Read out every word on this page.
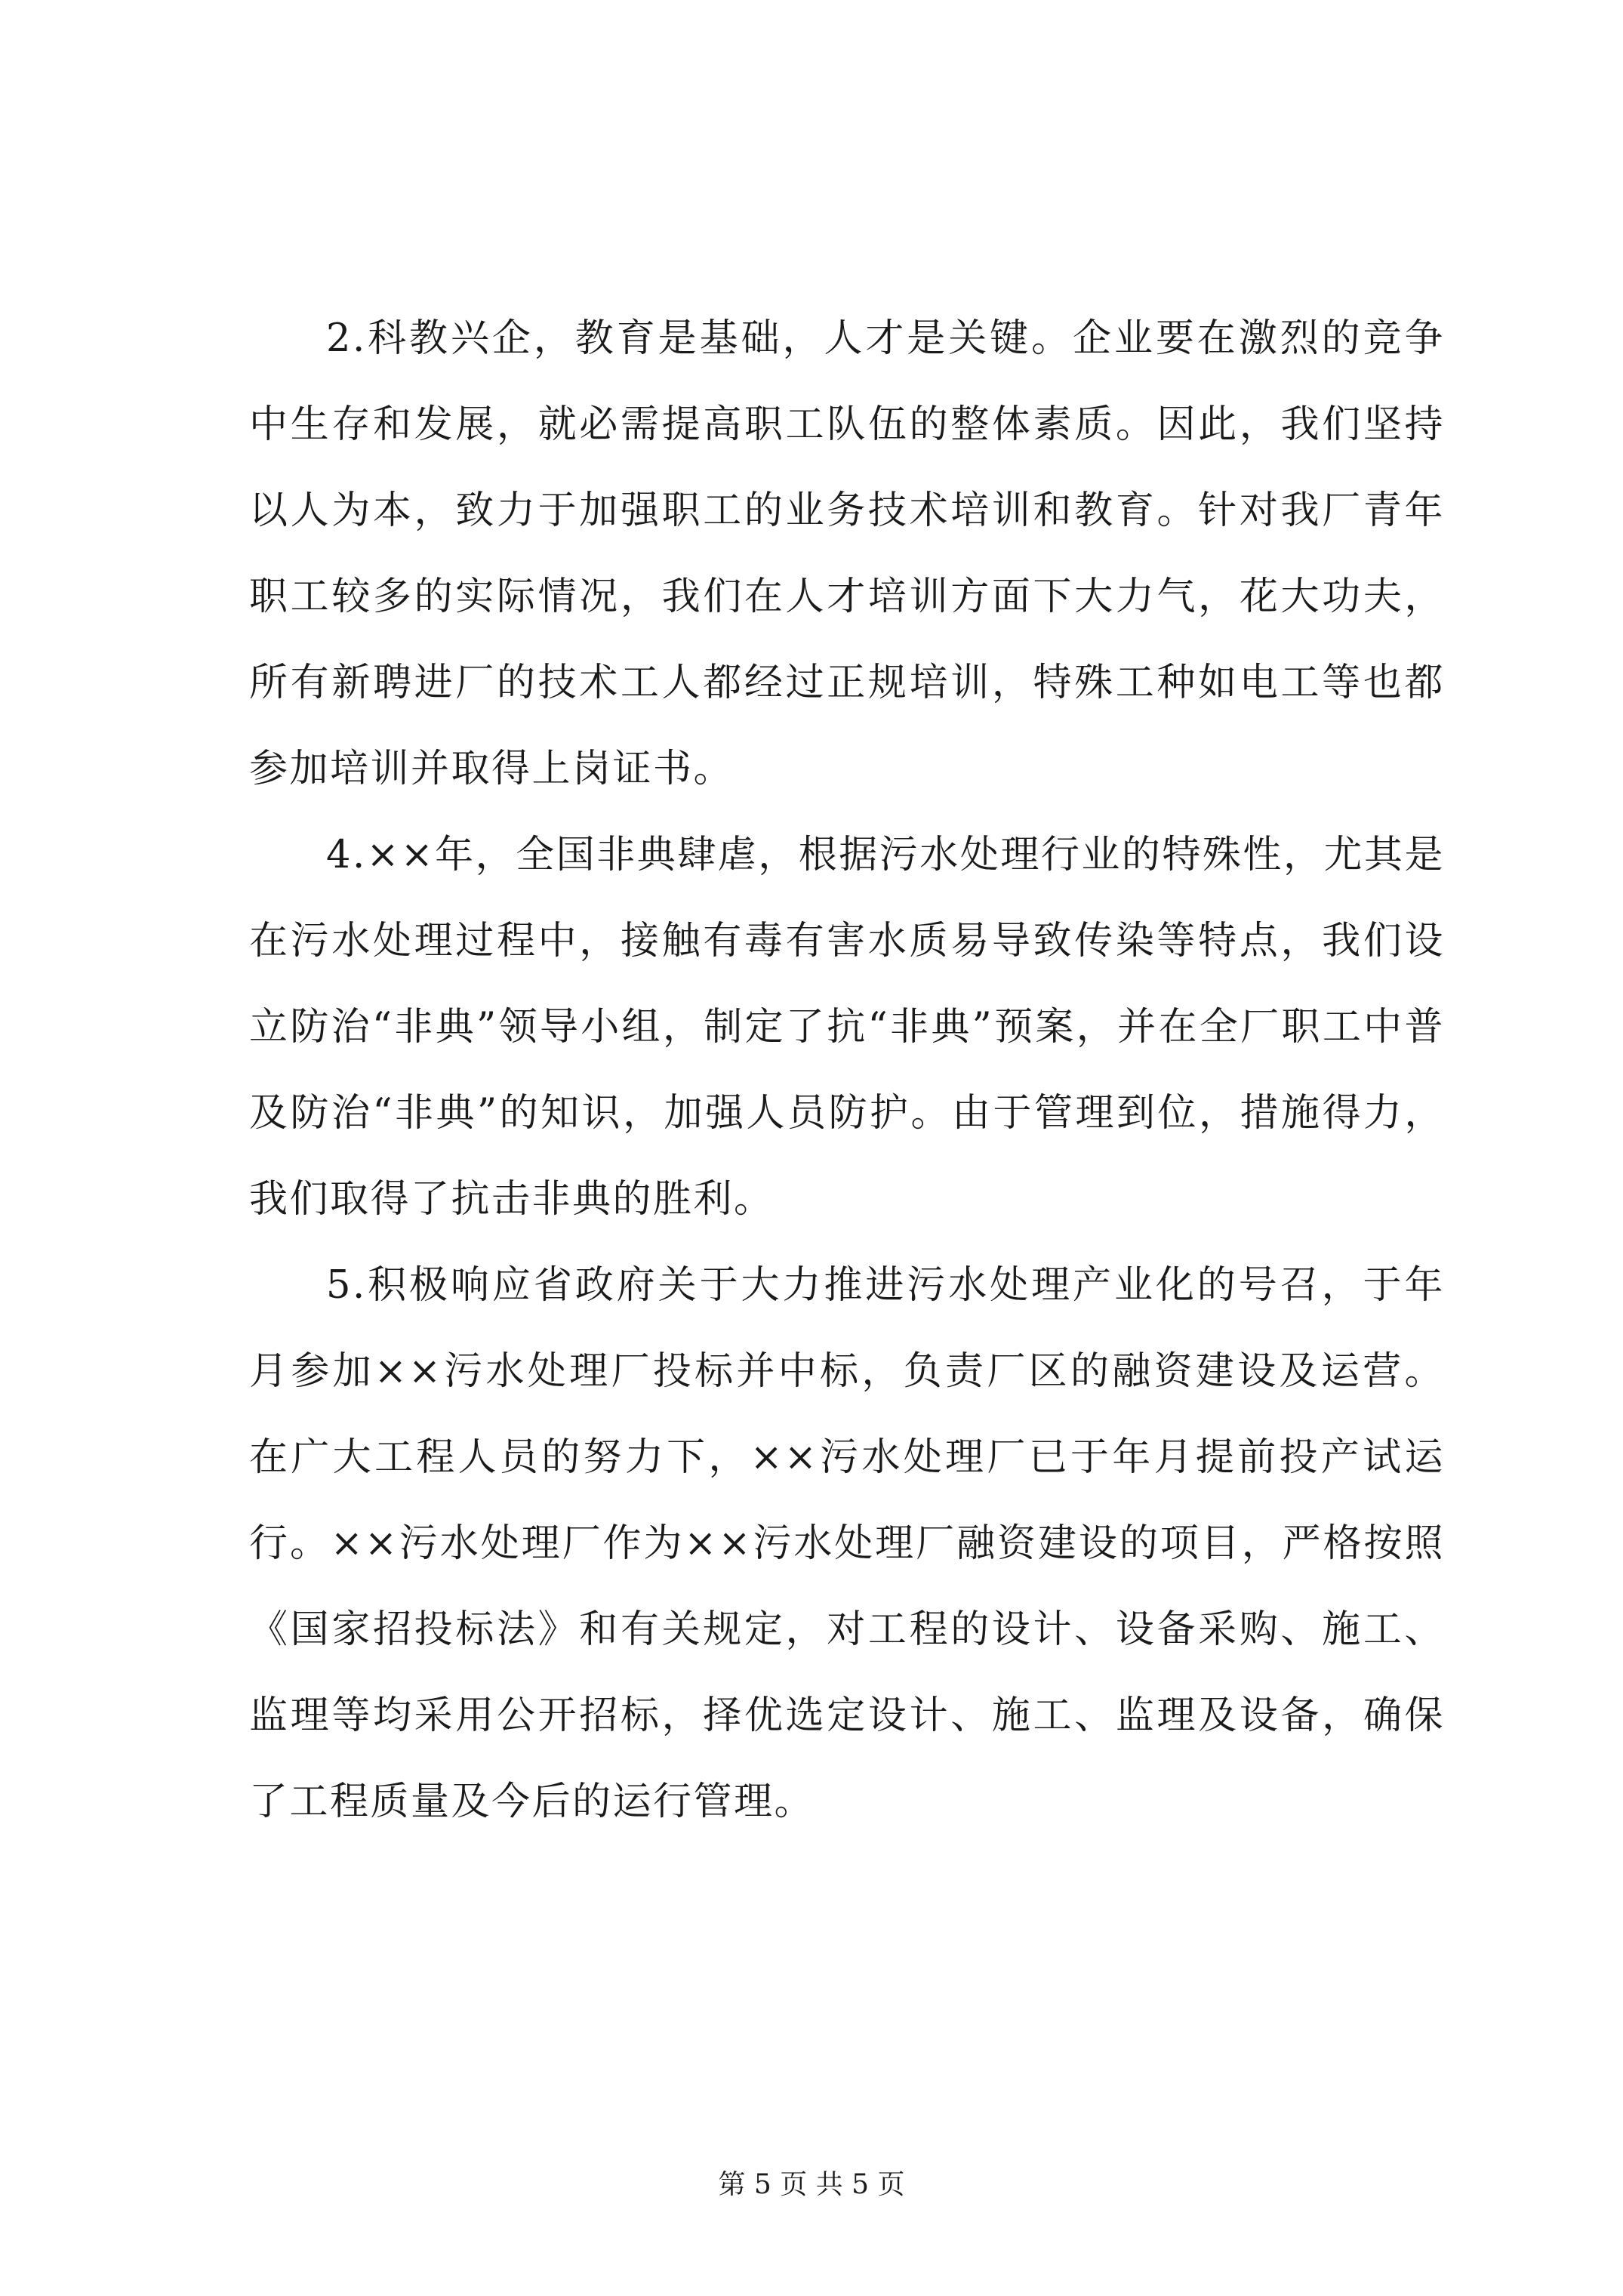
2.科教兴企，教育是基础，人才是关键。企业要在激烈的竞争中生存和发展，就必需提高职工队伍的整体素质。因此，我们坚持以人为本，致力于加强职工的业务技术培训和教育。针对我厂青年职工较多的实际情况，我们在人才培训方面下大力气，花大功夫，所有新聘进厂的技术工人都经过正规培训，特殊工种如电工等也都参加培训并取得上岗证书。

4.××年，全国非典肆虐，根据污水处理行业的特殊性，尤其是在污水处理过程中，接触有毒有害水质易导致传染等特点，我们设立防治“非典”领导小组，制定了抗“非典”预案，并在全厂职工中普及防治“非典”的知识，加强人员防护。由于管理到位，措施得力，我们取得了抗击非典的胜利。

5.积极响应省政府关于大力推进污水处理产业化的号召，于年月参加××污水处理厂投标并中标，负责厂区的融资建设及运营。在广大工程人员的努力下，××污水处理厂已于年月提前投产试运行。××污水处理厂作为××污水处理厂融资建设的项目，严格按照《国家招投标法》和有关规定，对工程的设计、设备采购、施工、监理等均采用公开招标，择优选定设计、施工、监理及设备，确保了工程质量及今后的运行管理。

第 5 页 共 5 页
